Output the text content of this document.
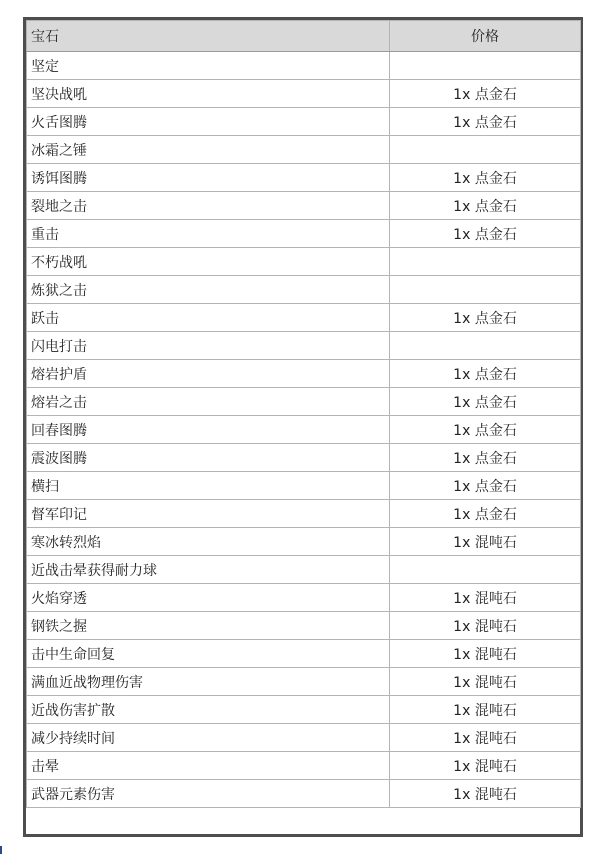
宝石	价格
坚定	
坚决战吼	1x 点金石
火舌图腾	1x 点金石
冰霜之锤	
诱饵图腾	1x 点金石
裂地之击	1x 点金石
重击	1x 点金石
不朽战吼	
炼狱之击	
跃击	1x 点金石
闪电打击	
熔岩护盾	1x 点金石
熔岩之击	1x 点金石
回春图腾	1x 点金石
震波图腾	1x 点金石
横扫	1x 点金石
督军印记	1x 点金石
寒冰转烈焰	1x 混吨石
近战击晕获得耐力球	
火焰穿透	1x 混吨石
钢铁之握	1x 混吨石
击中生命回复	1x 混吨石
满血近战物理伤害	1x 混吨石
近战伤害扩散	1x 混吨石
减少持续时间	1x 混吨石
击晕	1x 混吨石
武器元素伤害	1x 混吨石
